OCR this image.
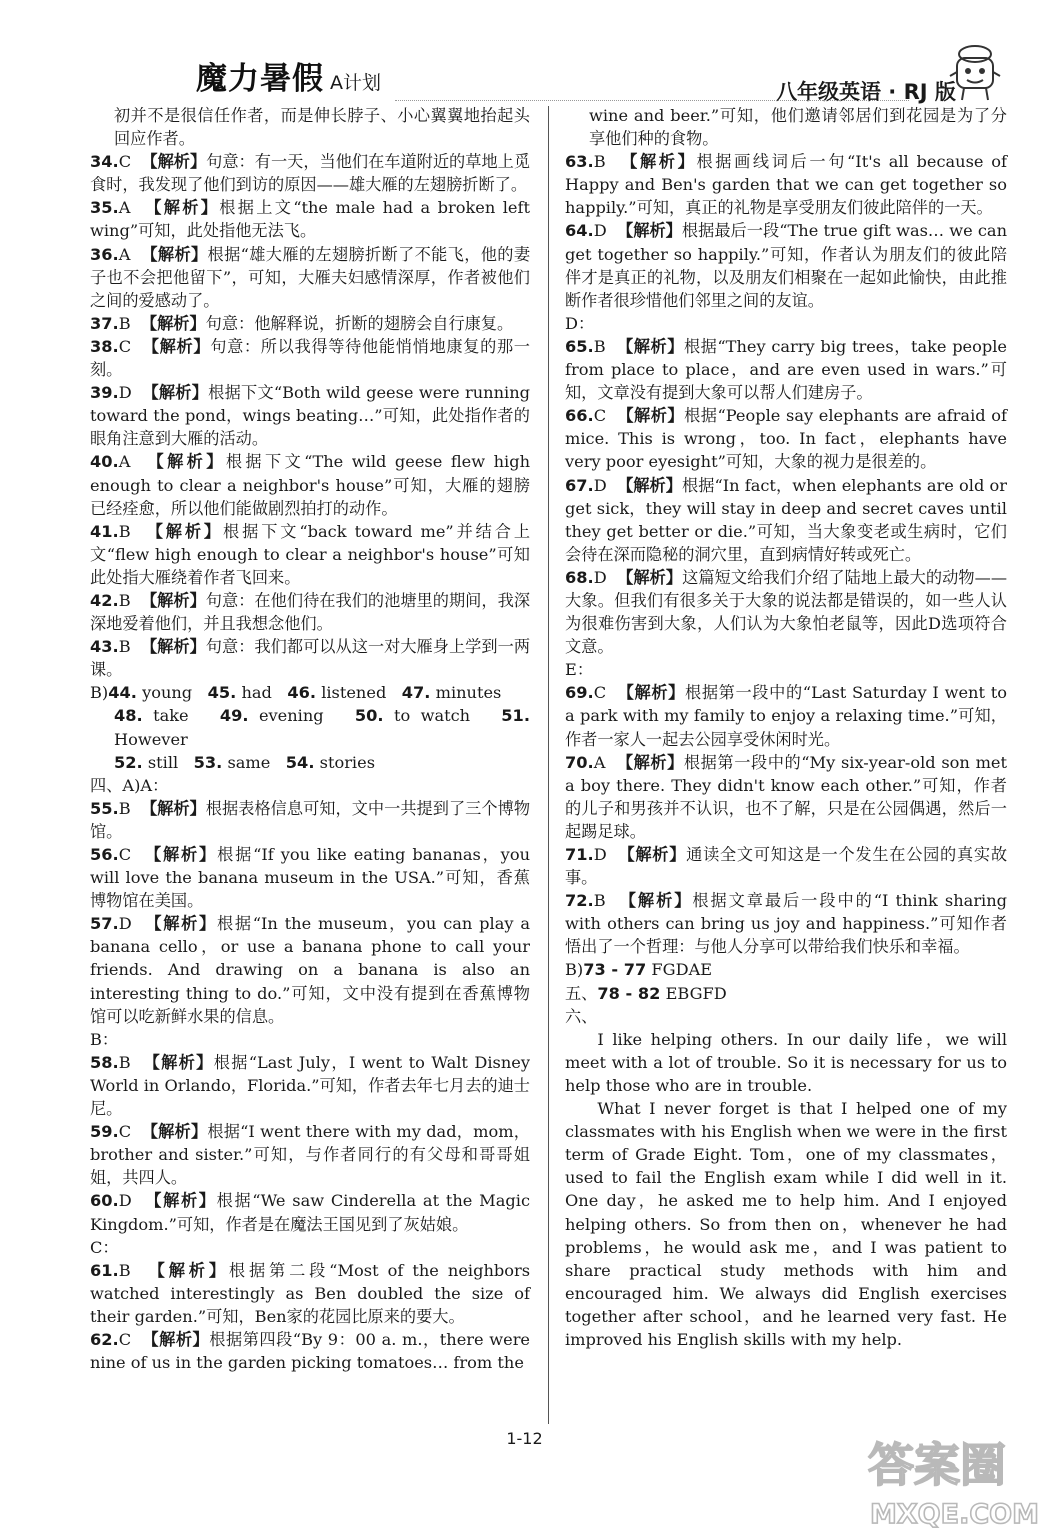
魔力暑假 A计划	八年级英语 · RJ 版

初并不是很信任作者，而是伸长脖子、小心翼翼地抬起头回应作者。

34.C 【解析】句意：有一天，当他们在车道附近的草地上觅食时，我发现了他们到访的原因——雄大雁的左翅膀折断了。

35.A 【解析】根据上文“the male had a broken left wing”可知，此处指他无法飞。

36.A 【解析】根据“雄大雁的左翅膀折断了不能飞，他的妻子也不会把他留下”，可知，大雁夫妇感情深厚，作者被他们之间的爱感动了。

37.B 【解析】句意：他解释说，折断的翅膀会自行康复。

38.C 【解析】句意：所以我得等待他能悄悄地康复的那一刻。

39.D 【解析】根据下文“Both wild geese were running toward the pond，wings beating…”可知，此处指作者的眼角注意到大雁的活动。

40.A 【解析】根据下文“The wild geese flew high enough to clear a neighbor's house”可知，大雁的翅膀已经痊愈，所以他们能做剧烈拍打的动作。

41.B 【解析】根据下文“back toward me”并结合上文“flew high enough to clear a neighbor's house”可知此处指大雁绕着作者飞回来。

42.B 【解析】句意：在他们待在我们的池塘里的期间，我深深地爱着他们，并且我想念他们。

43.B 【解析】句意：我们都可以从这一对大雁身上学到一两课。

B)44. young 45. had 46. listened 47. minutes

48. take 49. evening 50. to watch 51. However

52. still 53. same 54. stories

四、A)A：

55.B 【解析】根据表格信息可知，文中一共提到了三个博物馆。

56.C 【解析】根据“If you like eating bananas，you will love the banana museum in the USA.”可知，香蕉博物馆在美国。

57.D 【解析】根据“In the museum，you can play a banana cello，or use a banana phone to call your friends. And drawing on a banana is also an interesting thing to do.”可知，文中没有提到在香蕉博物馆可以吃新鲜水果的信息。

B：

58.B 【解析】根据“Last July，I went to Walt Disney World in Orlando，Florida.”可知，作者去年七月去的迪士尼。

59.C 【解析】根据“I went there with my dad，mom，brother and sister.”可知，与作者同行的有父母和哥哥姐姐，共四人。

60.D 【解析】根据“We saw Cinderella at the Magic Kingdom.”可知，作者是在魔法王国见到了灰姑娘。

C：

61.B 【解析】根据第二段“Most of the neighbors watched interestingly as Ben doubled the size of their garden.”可知，Ben家的花园比原来的要大。

62.C 【解析】根据第四段“By 9：00 a. m.，there were nine of us in the garden picking tomatoes… from the

wine and beer.”可知，他们邀请邻居们到花园是为了分享他们种的食物。

63.B 【解析】根据画线词后一句“It's all because of Happy and Ben's garden that we can get together so happily.”可知，真正的礼物是享受朋友们彼此陪伴的一天。

64.D 【解析】根据最后一段“The true gift was… we can get together so happily.”可知，作者认为朋友们的彼此陪伴才是真正的礼物，以及朋友们相聚在一起如此愉快，由此推断作者很珍惜他们邻里之间的友谊。

D：

65.B 【解析】根据“They carry big trees，take people from place to place，and are even used in wars.”可知，文章没有提到大象可以帮人们建房子。

66.C 【解析】根据“People say elephants are afraid of mice. This is wrong，too. In fact，elephants have very poor eyesight”可知，大象的视力是很差的。

67.D 【解析】根据“In fact，when elephants are old or get sick，they will stay in deep and secret caves until they get better or die.”可知，当大象变老或生病时，它们会待在深而隐秘的洞穴里，直到病情好转或死亡。

68.D 【解析】这篇短文给我们介绍了陆地上最大的动物——大象。但我们有很多关于大象的说法都是错误的，如一些人认为很难伤害到大象，人们认为大象怕老鼠等，因此D选项符合文意。

E：

69.C 【解析】根据第一段中的“Last Saturday I went to a park with my family to enjoy a relaxing time.”可知，作者一家人一起去公园享受休闲时光。

70.A 【解析】根据第一段中的“My six-year-old son met a boy there. They didn't know each other.”可知，作者的儿子和男孩并不认识，也不了解，只是在公园偶遇，然后一起踢足球。

71.D 【解析】通读全文可知这是一个发生在公园的真实故事。

72.B 【解析】根据文章最后一段中的“I think sharing with others can bring us joy and happiness.”可知作者悟出了一个哲理：与他人分享可以带给我们快乐和幸福。

B)73 - 77 FGDAE

五、78 - 82 EBGFD

六、

I like helping others. In our daily life，we will meet with a lot of trouble. So it is necessary for us to help those who are in trouble.

What I never forget is that I helped one of my classmates with his English when we were in the first term of Grade Eight. Tom，one of my classmates，used to fail the English exam while I did well in it. One day，he asked me to help him. And I enjoyed helping others. So from then on，whenever he had problems，he would ask me，and I was patient to share practical study methods with him and encouraged him. We always did English exercises together after school，and he learned very fast. He improved his English skills with my help.

1-12	答案圈
MXQE.COM
